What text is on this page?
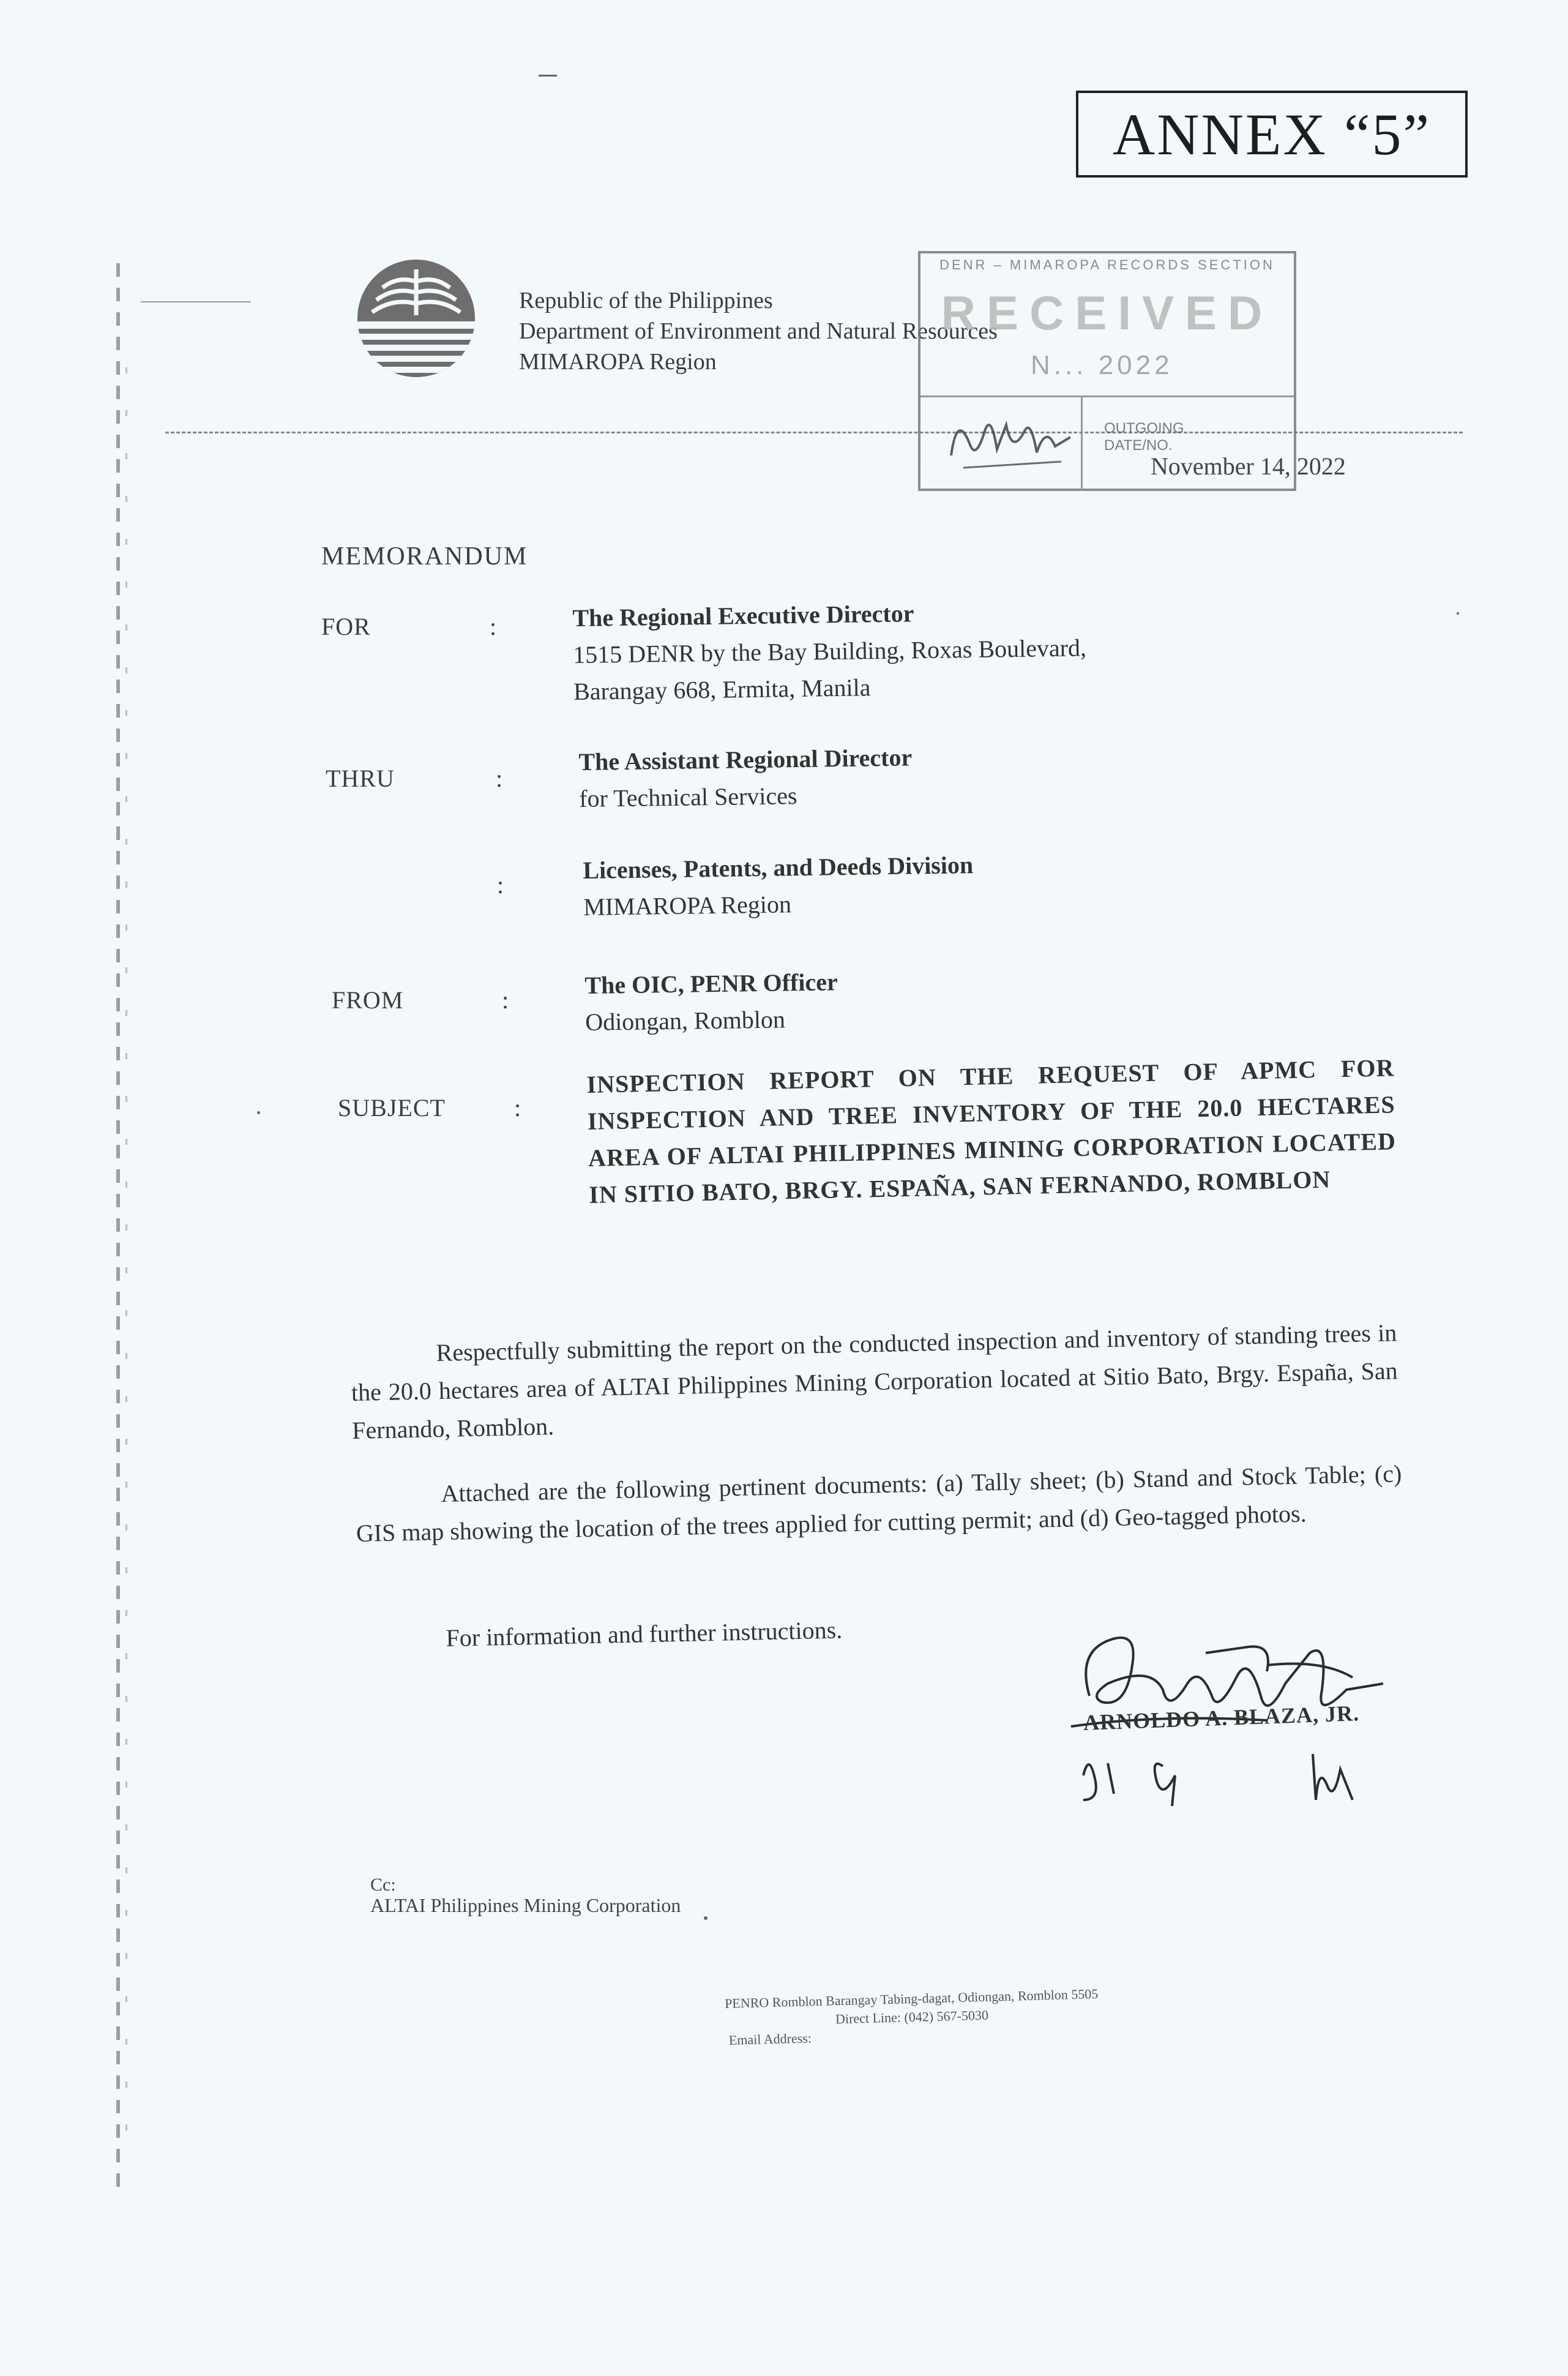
ANNEX “5”
Republic of the Philippines
Department of Environment and Natural Resources
MIMAROPA Region
DENR – MIMAROPA RECORDS SECTION
RECEIVED
N... 2022
OUTGOING
DATE/NO.
November 14, 2022
MEMORANDUM
FOR	:	The Regional Executive Director
1515 DENR by the Bay Building, Roxas Boulevard,
Barangay 668, Ermita, Manila
THRU	:
The Assistant Regional Director
for Technical Services
:
Licenses, Patents, and Deeds Division
MIMAROPA Region
FROM	:
The OIC, PENR Officer
Odiongan, Romblon
SUBJECT	:
INSPECTION REPORT ON THE REQUEST OF APMC FOR INSPECTION AND TREE INVENTORY OF THE 20.0 HECTARES AREA OF ALTAI PHILIPPINES MINING CORPORATION LOCATED IN SITIO BATO, BRGY. ESPAÑA, SAN FERNANDO, ROMBLON
Respectfully submitting the report on the conducted inspection and inventory of standing trees in the 20.0 hectares area of ALTAI Philippines Mining Corporation located at Sitio Bato, Brgy. España, San Fernando, Romblon.
Attached are the following pertinent documents: (a) Tally sheet; (b) Stand and Stock Table; (c) GIS map showing the location of the trees applied for cutting permit; and (d) Geo-tagged photos.
For information and further instructions.
ARNOLDO A. BLAZA, JR.
Cc:
ALTAI Philippines Mining Corporation
PENRO Romblon Barangay Tabing-dagat, Odiongan, Romblon 5505
Direct Line: (042) 567-5030
Email Address:
